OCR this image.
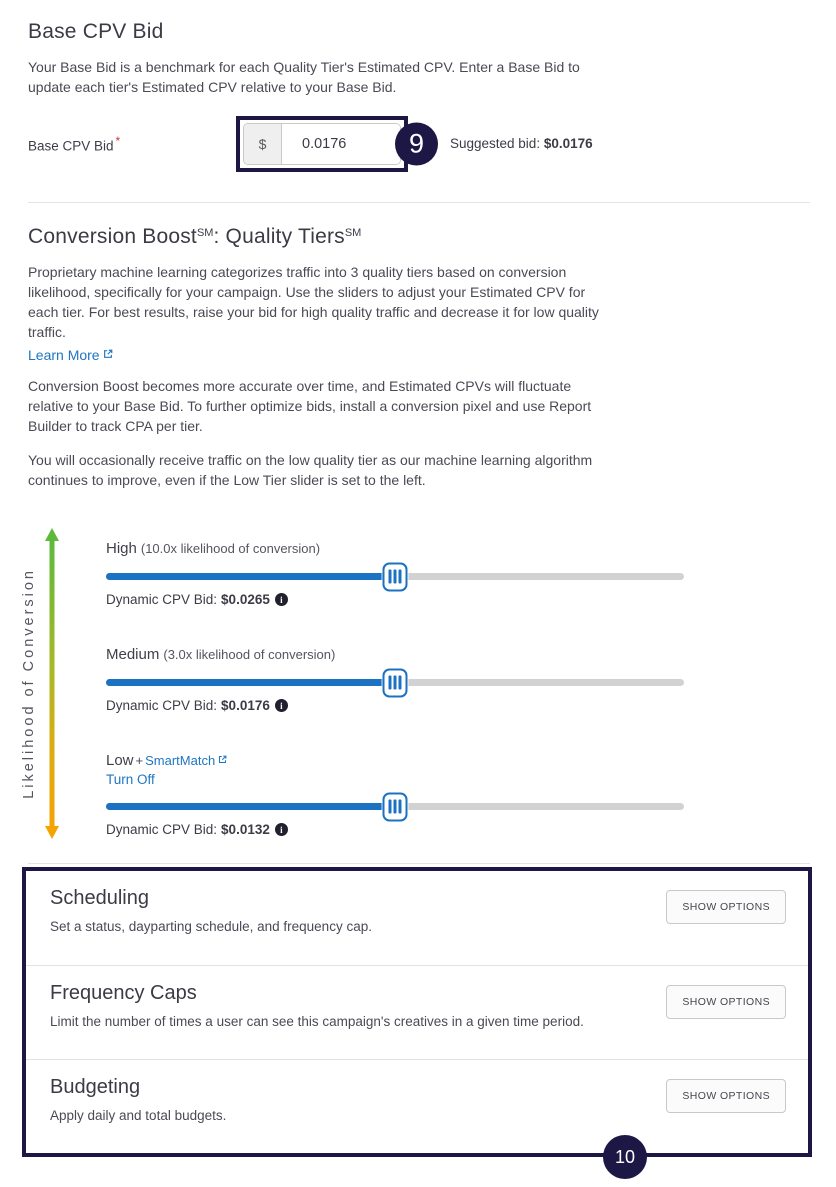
Base CPV Bid

Your Base Bid is a benchmark for each Quality Tier's Estimated CPV. Enter a Base Bid to update each tier's Estimated CPV relative to your Base Bid.

Base CPV Bid *	$
0.0176	9	Suggested bid: $0.0176
Conversion Boost℠: Quality Tiers℠

Proprietary machine learning categorizes traffic into 3 quality tiers based on conversion likelihood, specifically for your campaign. Use the sliders to adjust your Estimated CPV for each tier. For best results, raise your bid for high quality traffic and decrease it for low quality traffic.

Learn More

Conversion Boost becomes more accurate over time, and Estimated CPVs will fluctuate relative to your Base Bid. To further optimize bids, install a conversion pixel and use Report Builder to track CPA per tier.

You will occasionally receive traffic on the low quality tier as our machine learning algorithm continues to improve, even if the Low Tier slider is set to the left.

Likelihood of Conversion
High (10.0x likelihood of conversion)
Dynamic CPV Bid: $0.0265	i
Medium (3.0x likelihood of conversion)
Dynamic CPV Bid: $0.0176	i
Low + SmartMatch
Turn Off
Dynamic CPV Bid: $0.0132	i
Scheduling
Set a status, dayparting schedule, and frequency cap.
SHOW OPTIONS
Frequency Caps
Limit the number of times a user can see this campaign's creatives in a given time period.
SHOW OPTIONS
Budgeting
Apply daily and total budgets.
SHOW OPTIONS
10
